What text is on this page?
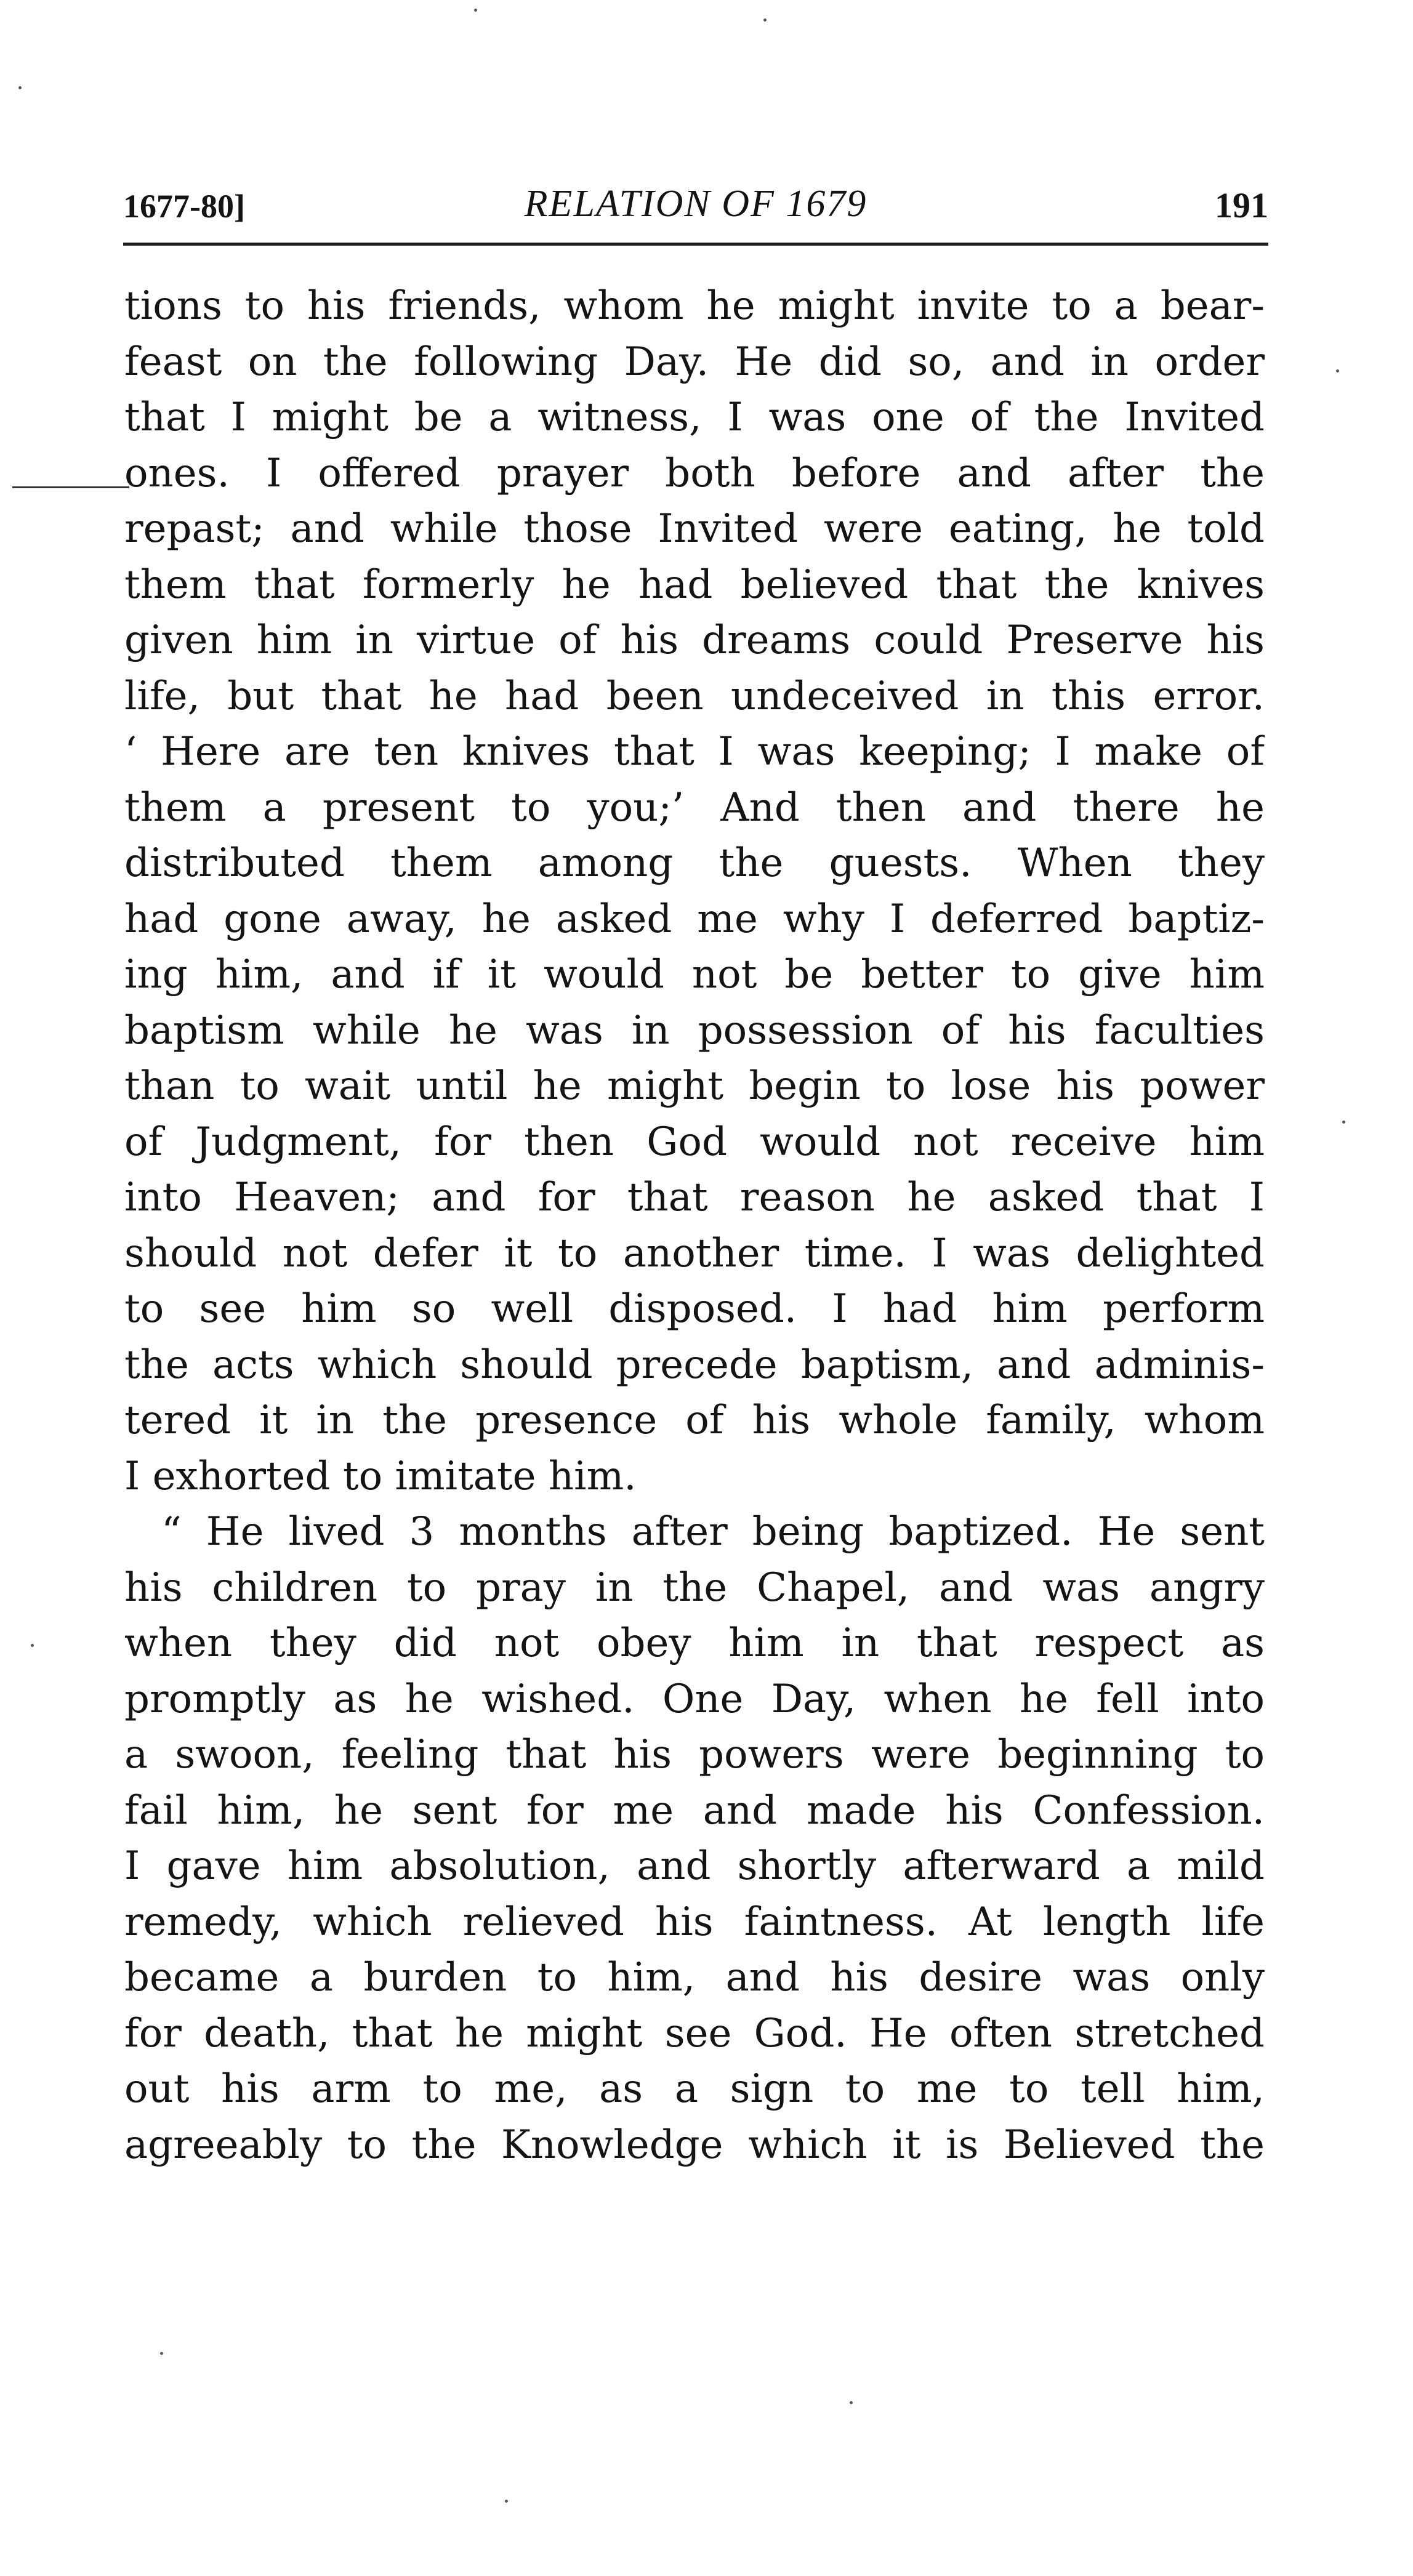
1677-80]	RELATION OF 1679	191
tions to his friends, whom he might invite to a bear-
feast on the following Day. He did so, and in order
that I might be a witness, I was one of the Invited
ones. I offered prayer both before and after the
repast; and while those Invited were eating, he told
them that formerly he had believed that the knives
given him in virtue of his dreams could Preserve his
life, but that he had been undeceived in this error.
‘ Here are ten knives that I was keeping; I make of
them a present to you;’ And then and there he
distributed them among the guests. When they
had gone away, he asked me why I deferred baptiz-
ing him, and if it would not be better to give him
baptism while he was in possession of his faculties
than to wait until he might begin to lose his power
of Judgment, for then God would not receive him
into Heaven; and for that reason he asked that I
should not defer it to another time. I was delighted
to see him so well disposed. I had him perform
the acts which should precede baptism, and adminis-
tered it in the presence of his whole family, whom
I exhorted to imitate him.
“ He lived 3 months after being baptized. He sent
his children to pray in the Chapel, and was angry
when they did not obey him in that respect as
promptly as he wished. One Day, when he fell into
a swoon, feeling that his powers were beginning to
fail him, he sent for me and made his Confession.
I gave him absolution, and shortly afterward a mild
remedy, which relieved his faintness. At length life
became a burden to him, and his desire was only
for death, that he might see God. He often stretched
out his arm to me, as a sign to me to tell him,
agreeably to the Knowledge which it is Believed the
